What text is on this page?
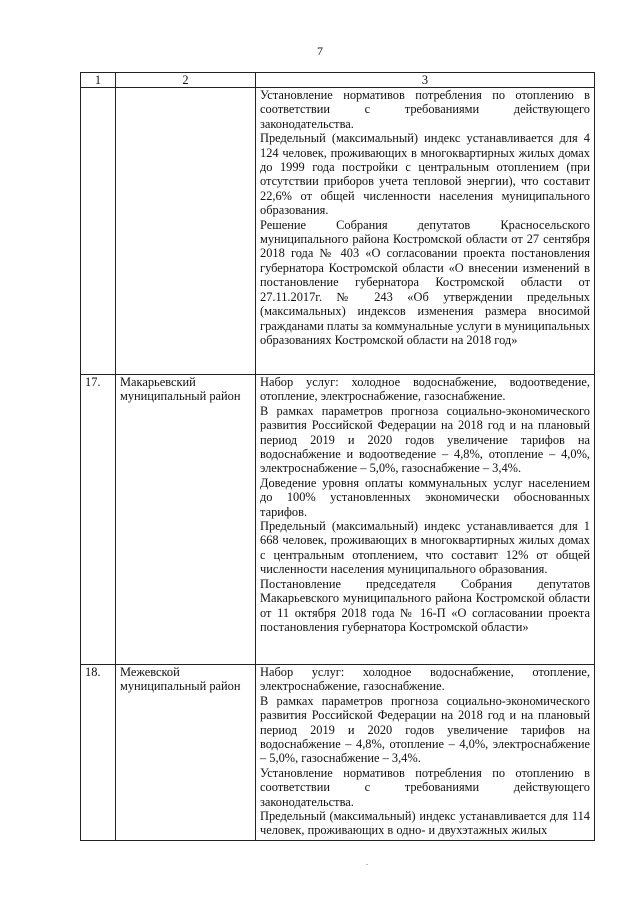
7
1	2	3

		Установление нормативов потребления по отоплению в соответствии с требованиями действующего законодательства.

Предельный (максимальный) индекс устанавливается для 4 124 человек, проживающих в многоквартирных жилых домах до 1999 года постройки с центральным отоплением (при отсутствии приборов учета тепловой энергии), что составит 22,6% от общей численности населения муниципального образования.

Решение Собрания депутатов Красносельского муниципального района Костромской области от 27 сентября 2018 года № 403 «О согласовании проекта постановления губернатора Костромской области «О внесении изменений в постановление губернатора Костромской области от 27.11.2017г. № 243 «Об утверждении предельных (максимальных) индексов изменения размера вносимой гражданами платы за коммунальные услуги в муниципальных образованиях Костромской области на 2018 год»

17.	Макарьевский муниципальный район	Набор услуг: холодное водоснабжение, водоотведение, отопление, электроснабжение, газоснабжение.

В рамках параметров прогноза социально-экономического развития Российской Федерации на 2018 год и на плановый период 2019 и 2020 годов увеличение тарифов на водоснабжение и водоотведение – 4,8%, отопление – 4,0%, электроснабжение – 5,0%, газоснабжение – 3,4%.

Доведение уровня оплаты коммунальных услуг населением до 100% установленных экономически обоснованных тарифов.

Предельный (максимальный) индекс устанавливается для 1 668 человек, проживающих в многоквартирных жилых домах с центральным отоплением, что составит 12% от общей численности населения муниципального образования.

Постановление председателя Собрания депутатов Макарьевского муниципального района Костромской области от 11 октября 2018 года № 16-П «О согласовании проекта постановления губернатора Костромской области»

18.	Межевской муниципальный район	Набор услуг: холодное водоснабжение, отопление, электроснабжение, газоснабжение.

В рамках параметров прогноза социально-экономического развития Российской Федерации на 2018 год и на плановый период 2019 и 2020 годов увеличение тарифов на водоснабжение – 4,8%, отопление – 4,0%, электроснабжение – 5,0%, газоснабжение – 3,4%.

Установление нормативов потребления по отоплению в соответствии с требованиями действующего законодательства.

Предельный (максимальный) индекс устанавливается для 114 человек, проживающих в одно- и двухэтажных жилых

.
